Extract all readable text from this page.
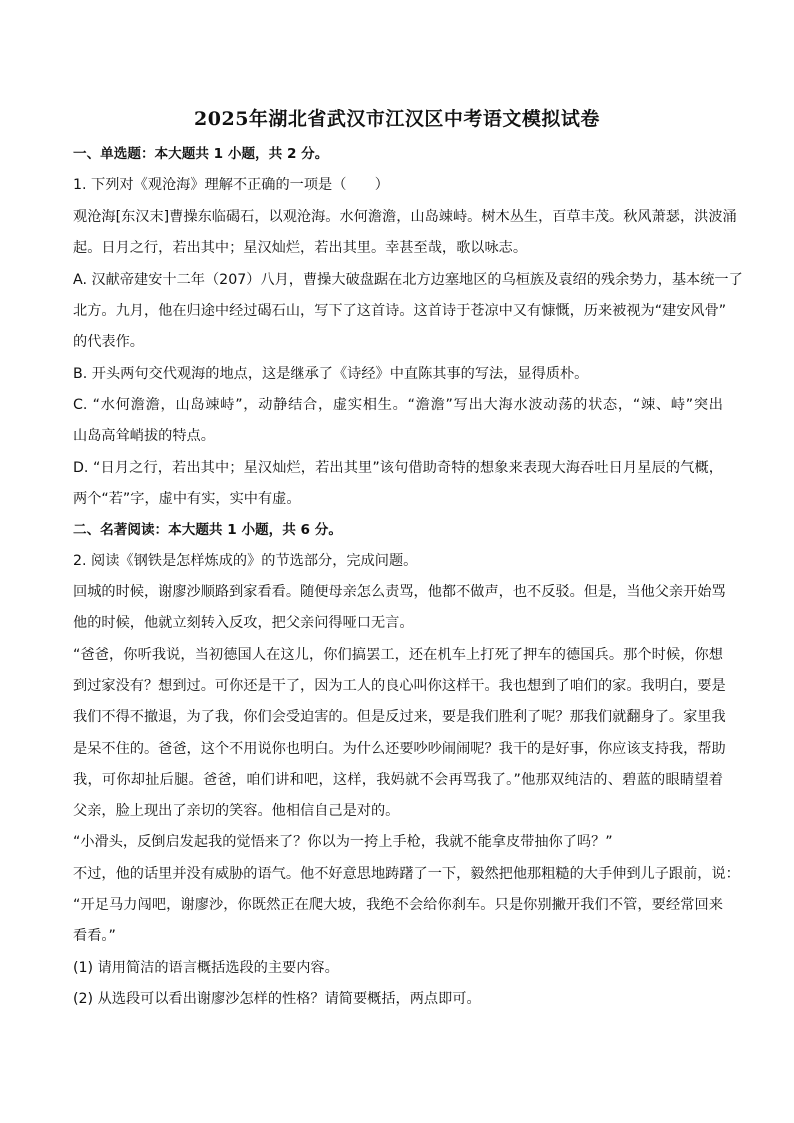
2025年湖北省武汉市江汉区中考语文模拟试卷
一、单选题：本大题共 1 小题，共 2 分。
1. 下列对《观沧海》理解不正确的一项是（　　）
观沧海[东汉末]曹操东临碣石，以观沧海。水何澹澹，山岛竦峙。树木丛生，百草丰茂。秋风萧瑟，洪波涌
起。日月之行，若出其中；星汉灿烂，若出其里。幸甚至哉，歌以咏志。
A. 汉献帝建安十二年（207）八月，曹操大破盘踞在北方边塞地区的乌桓族及袁绍的残余势力，基本统一了
北方。九月，他在归途中经过碣石山，写下了这首诗。这首诗于苍凉中又有慷慨，历来被视为“建安风骨”
的代表作。
B. 开头两句交代观海的地点，这是继承了《诗经》中直陈其事的写法，显得质朴。
C. “水何澹澹，山岛竦峙”，动静结合，虚实相生。“澹澹”写出大海水波动荡的状态，“竦、峙”突出
山岛高耸峭拔的特点。
D. “日月之行，若出其中；星汉灿烂，若出其里”该句借助奇特的想象来表现大海吞吐日月星辰的气概，
两个“若”字，虚中有实，实中有虚。
二、名著阅读：本大题共 1 小题，共 6 分。
2. 阅读《钢铁是怎样炼成的》的节选部分，完成问题。
回城的时候，谢廖沙顺路到家看看。随便母亲怎么责骂，他都不做声，也不反驳。但是，当他父亲开始骂
他的时候，他就立刻转入反攻，把父亲问得哑口无言。
“爸爸，你听我说，当初德国人在这儿，你们搞罢工，还在机车上打死了押车的德国兵。那个时候，你想
到过家没有？想到过。可你还是干了，因为工人的良心叫你这样干。我也想到了咱们的家。我明白，要是
我们不得不撤退，为了我，你们会受迫害的。但是反过来，要是我们胜利了呢？那我们就翻身了。家里我
是呆不住的。爸爸，这个不用说你也明白。为什么还要吵吵闹闹呢？我干的是好事，你应该支持我，帮助
我，可你却扯后腿。爸爸，咱们讲和吧，这样，我妈就不会再骂我了。”他那双纯洁的、碧蓝的眼睛望着
父亲，脸上现出了亲切的笑容。他相信自己是对的。
“小滑头，反倒启发起我的觉悟来了？你以为一挎上手枪，我就不能拿皮带抽你了吗？”
不过，他的话里并没有威胁的语气。他不好意思地踌躇了一下，毅然把他那粗糙的大手伸到儿子跟前，说：
“开足马力闯吧，谢廖沙，你既然正在爬大坡，我绝不会给你刹车。只是你别撇开我们不管，要经常回来
看看。”
(1) 请用简洁的语言概括选段的主要内容。
(2) 从选段可以看出谢廖沙怎样的性格？请简要概括，两点即可。
